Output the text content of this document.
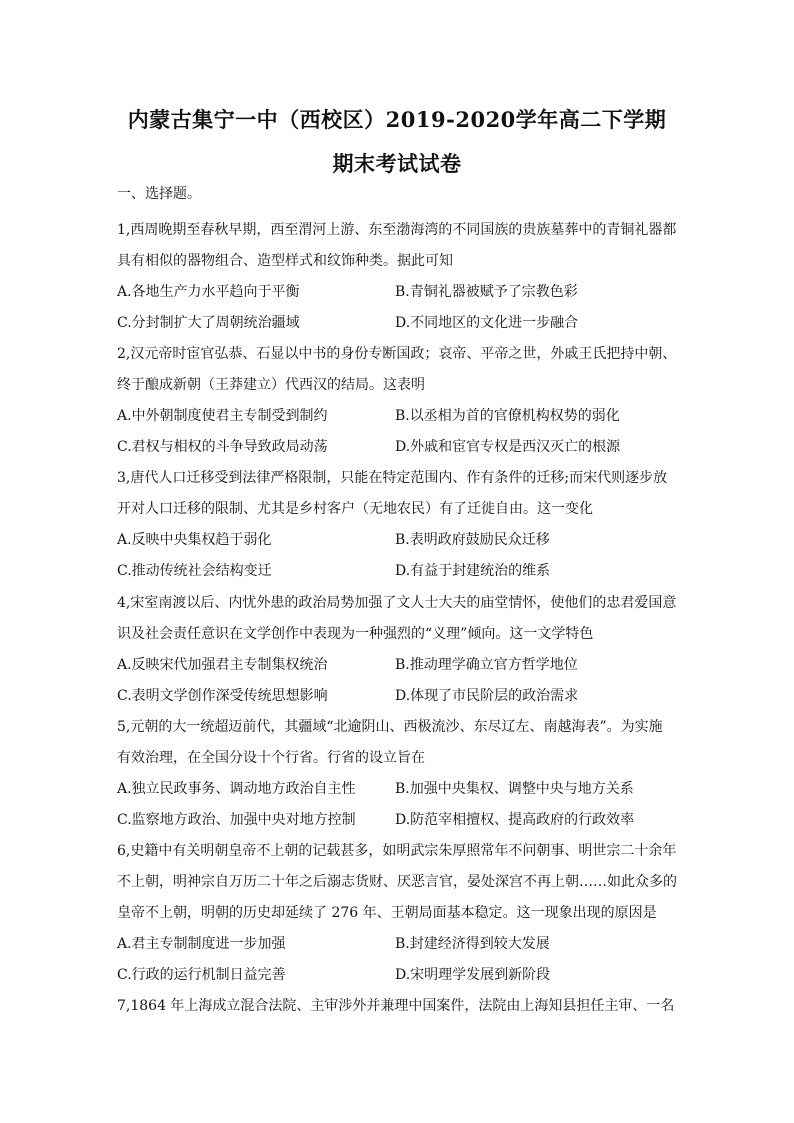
内蒙古集宁一中（西校区）2019-2020学年高二下学期
期末考试试卷
一、选择题。
1,西周晚期至春秋早期，西至渭河上游、东至渤海湾的不同国族的贵族墓葬中的青铜礼器都
具有相似的器物组合、造型样式和纹饰种类。据此可知
A.各地生产力水平趋向于平衡	B.青铜礼器被赋予了宗教色彩
C.分封制扩大了周朝统治疆域	D.不同地区的文化进一步融合
2,汉元帝时宦官弘恭、石显以中书的身份专断国政；哀帝、平帝之世，外戚王氏把持中朝、
终于酿成新朝（王莽建立）代西汉的结局。这表明
A.中外朝制度使君主专制受到制约	B.以丞相为首的官僚机构权势的弱化
C.君权与相权的斗争导致政局动荡	D.外戚和宦官专权是西汉灭亡的根源
3,唐代人口迁移受到法律严格限制，只能在特定范围内、作有条件的迁移;而宋代则逐步放
开对人口迁移的限制、尤其是乡村客户（无地农民）有了迁徙自由。这一变化
A.反映中央集权趋于弱化	B.表明政府鼓励民众迁移
C.推动传统社会结构变迁	D.有益于封建统治的维系
4,宋室南渡以后、内忧外患的政治局势加强了文人士大夫的庙堂情怀，使他们的忠君爱国意
识及社会责任意识在文学创作中表现为一种强烈的“义理”倾向。这一文学特色
A.反映宋代加强君主专制集权统治	B.推动理学确立官方哲学地位
C.表明文学创作深受传统思想影响	D.体现了市民阶层的政治需求
5,元朝的大一统超迈前代，其疆域“北逾阴山、西极流沙、东尽辽左、南越海表”。为实施
有效治理，在全国分设十个行省。行省的设立旨在
A.独立民政事务、调动地方政治自主性	B.加强中央集权、调整中央与地方关系
C.监察地方政治、加强中央对地方控制	D.防范宰相擅权、提高政府的行政效率
6,史籍中有关明朝皇帝不上朝的记载甚多，如明武宗朱厚照常年不问朝事、明世宗二十余年
不上朝，明神宗自万历二十年之后溺志货财、厌恶言官，晏处深宫不再上朝……如此众多的
皇帝不上朝，明朝的历史却延续了 276 年、王朝局面基本稳定。这一现象出现的原因是
A.君主专制制度进一步加强	B.封建经济得到较大发展
C.行政的运行机制日益完善	D.宋明理学发展到新阶段
7,1864 年上海成立混合法院、主审涉外并兼理中国案件，法院由上海知县担任主审、一名
